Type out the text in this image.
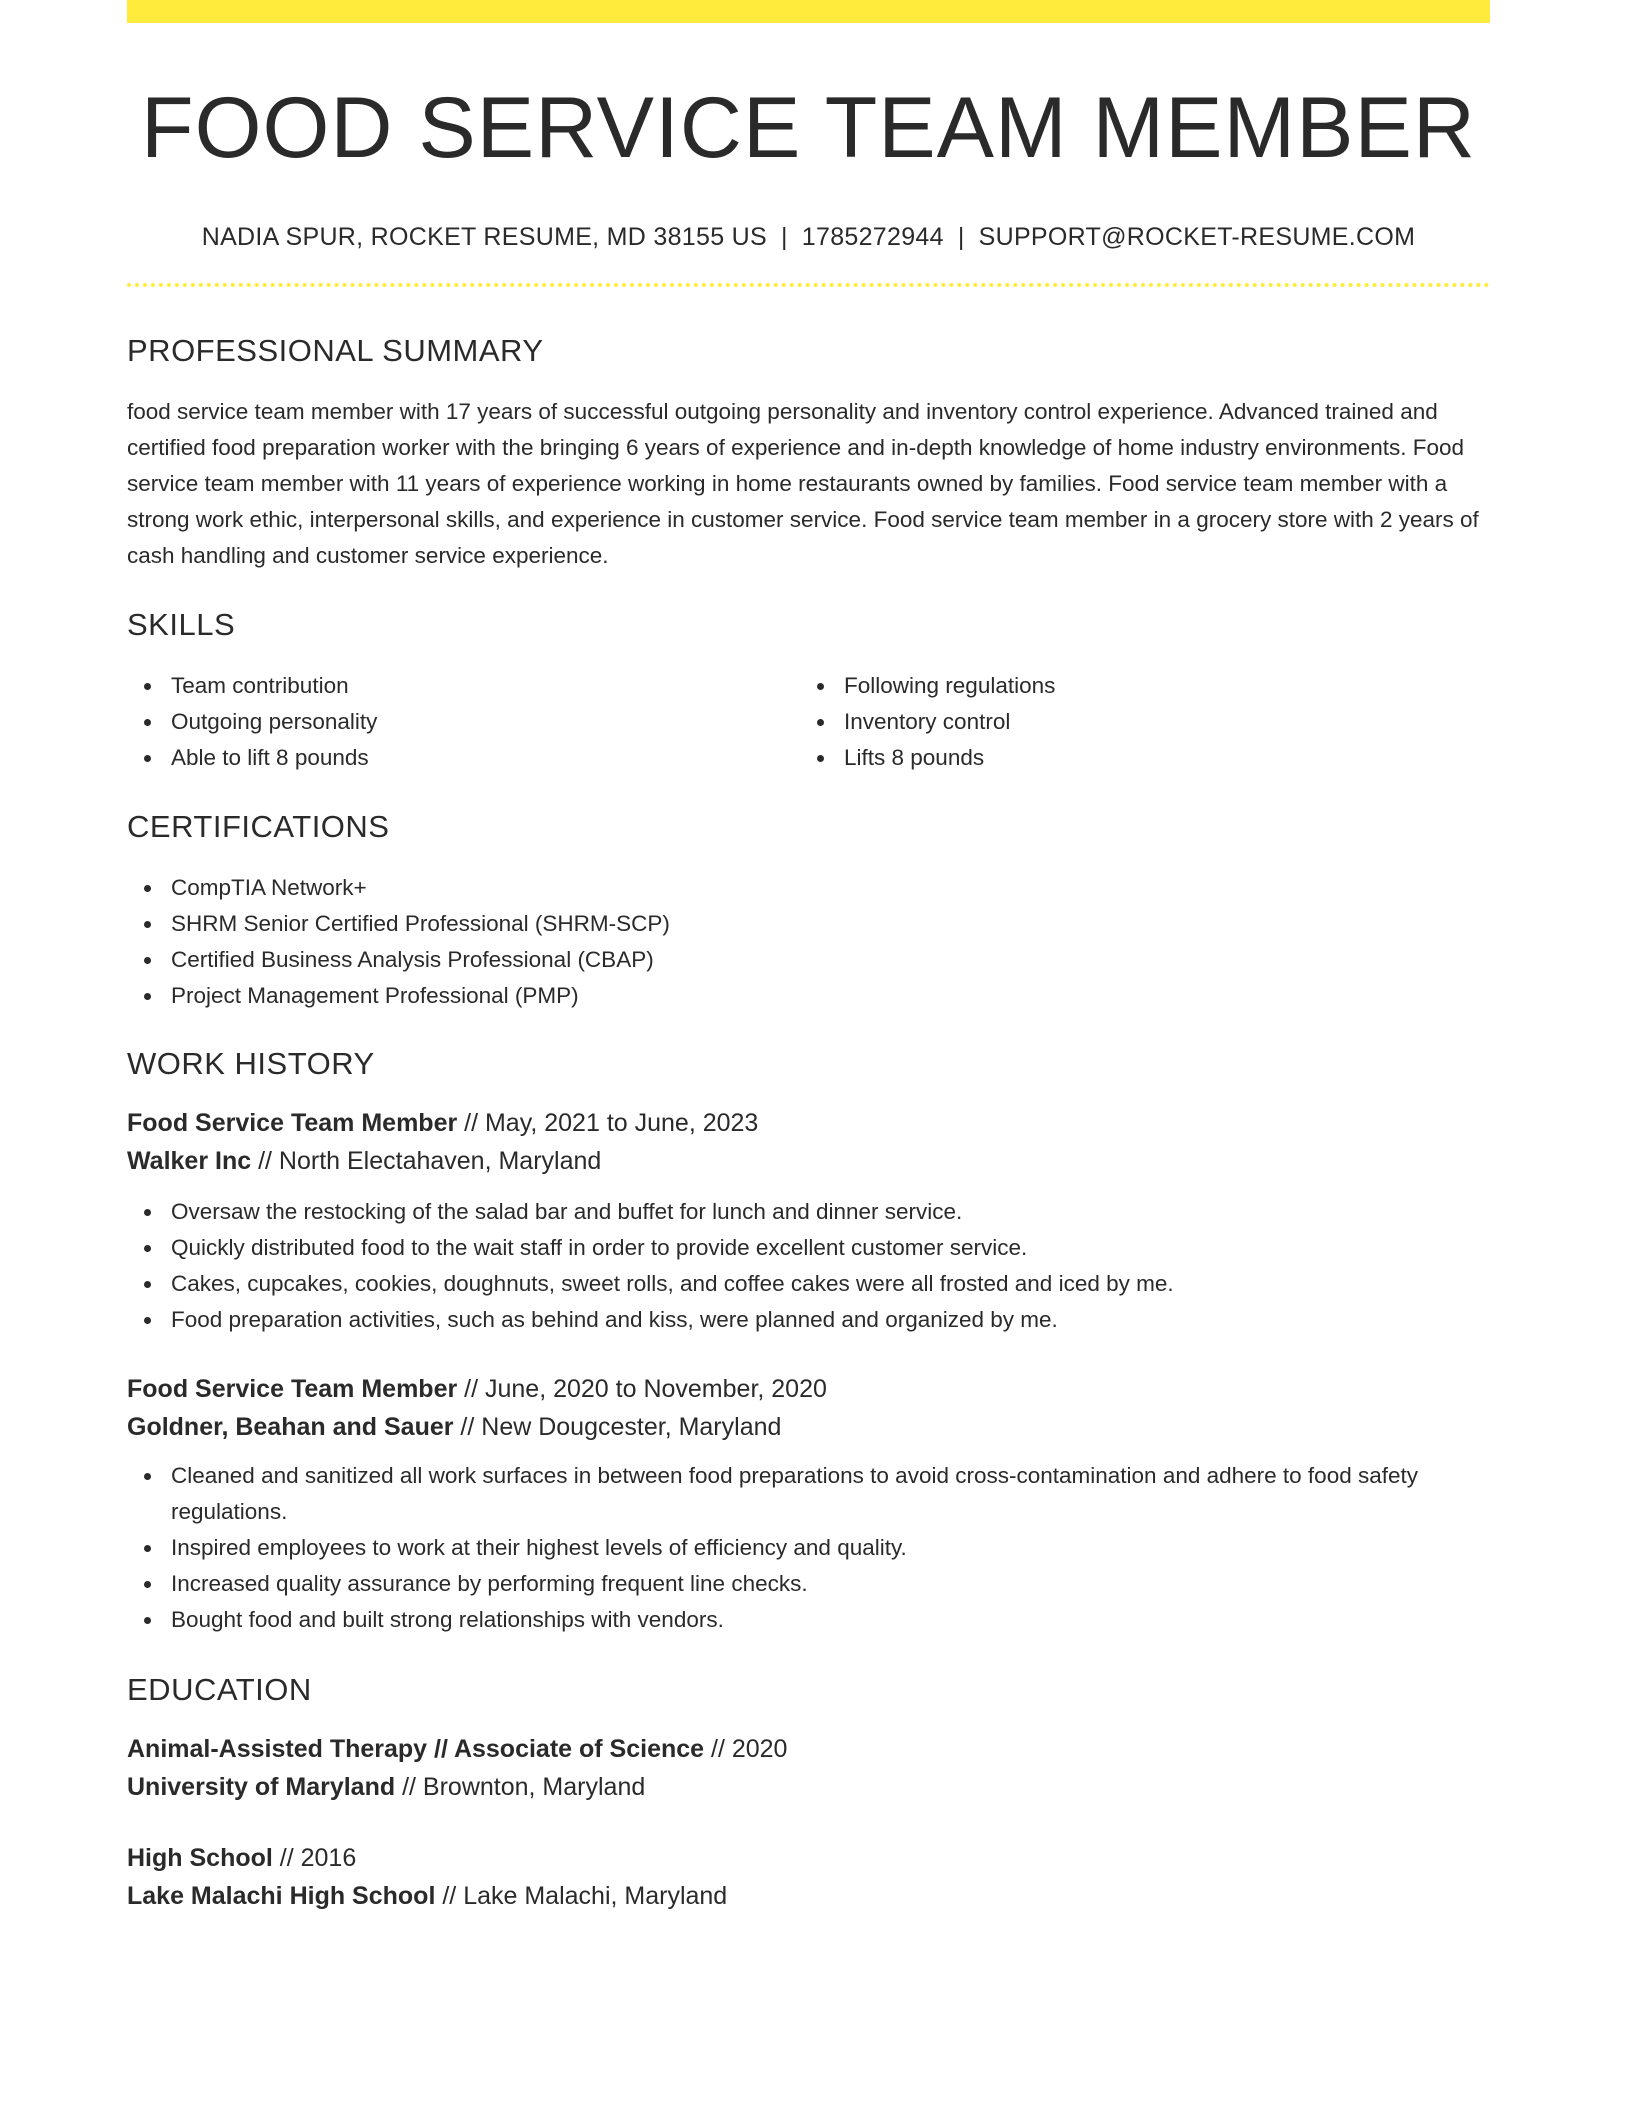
FOOD SERVICE TEAM MEMBER
NADIA SPUR, ROCKET RESUME, MD 38155 US | 1785272944 | SUPPORT@ROCKET-RESUME.COM
PROFESSIONAL SUMMARY

food service team member with 17 years of successful outgoing personality and inventory control experience. Advanced trained and certified food preparation worker with the bringing 6 years of experience and in-depth knowledge of home industry environments. Food service team member with 11 years of experience working in home restaurants owned by families. Food service team member with a strong work ethic, interpersonal skills, and experience in customer service. Food service team member in a grocery store with 2 years of cash handling and customer service experience.

SKILLS
Team contribution
Outgoing personality
Able to lift 8 pounds
Following regulations
Inventory control
Lifts 8 pounds
CERTIFICATIONS
CompTIA Network+
SHRM Senior Certified Professional (SHRM-SCP)
Certified Business Analysis Professional (CBAP)
Project Management Professional (PMP)
WORK HISTORY
Food Service Team Member // May, 2021 to June, 2023
Walker Inc // North Electahaven, Maryland
Oversaw the restocking of the salad bar and buffet for lunch and dinner service.
Quickly distributed food to the wait staff in order to provide excellent customer service.
Cakes, cupcakes, cookies, doughnuts, sweet rolls, and coffee cakes were all frosted and iced by me.
Food preparation activities, such as behind and kiss, were planned and organized by me.
Food Service Team Member // June, 2020 to November, 2020
Goldner, Beahan and Sauer // New Dougcester, Maryland
Cleaned and sanitized all work surfaces in between food preparations to avoid cross-contamination and adhere to food safety regulations.
Inspired employees to work at their highest levels of efficiency and quality.
Increased quality assurance by performing frequent line checks.
Bought food and built strong relationships with vendors.
EDUCATION
Animal-Assisted Therapy // Associate of Science // 2020
University of Maryland // Brownton, Maryland
High School // 2016
Lake Malachi High School // Lake Malachi, Maryland
